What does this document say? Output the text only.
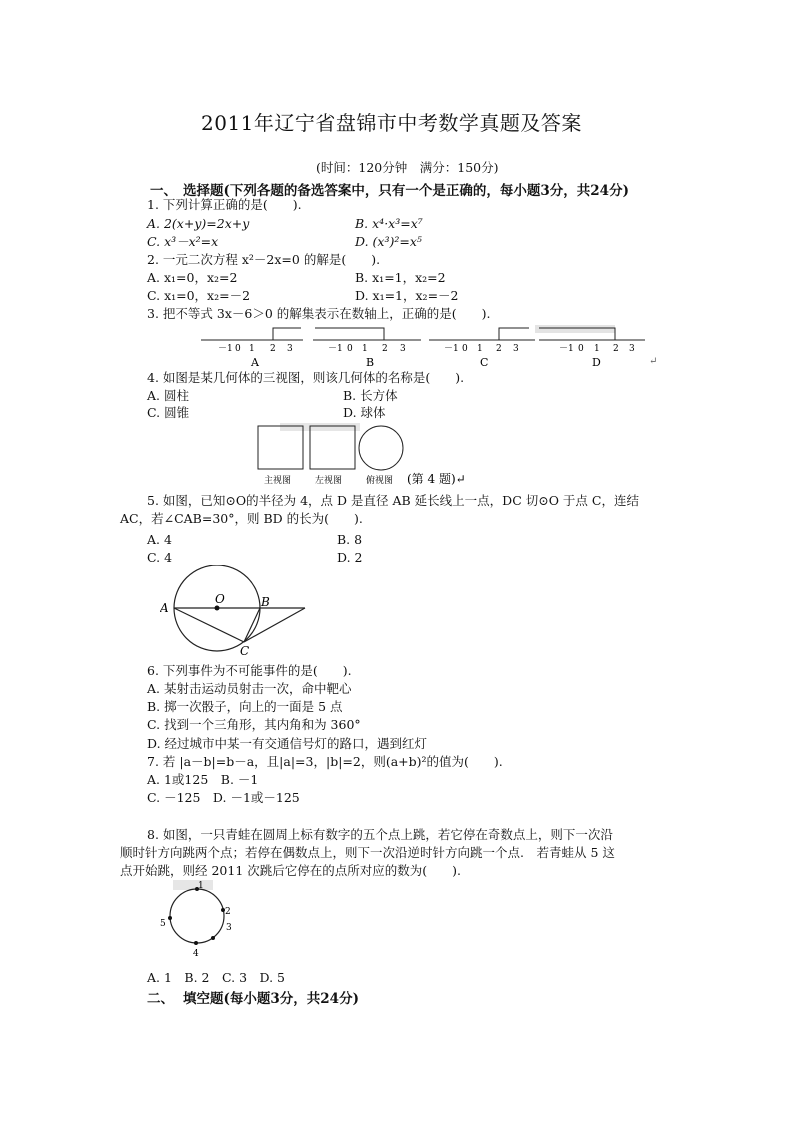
2011年辽宁省盘锦市中考数学真题及答案
(时间：120分钟　满分：150分)
一、 选择题(下列各题的备选答案中，只有一个是正确的，每小题3分，共24分)
1. 下列计算正确的是(　　).
A. 2(x+y)=2x+y	B. x⁴·x³=x⁷
C. x³－x²=x	D. (x³)²=x⁵
2. 一元二次方程 x²－2x=0 的解是(　　).
A. x₁=0，x₂=2	B. x₁=1，x₂=2
C. x₁=0，x₂=－2	D. x₁=1，x₂=－2
3. 把不等式 3x－6＞0 的解集表示在数轴上，正确的是(　　).
－1 0 1 2 3
A
－1 0 1 2 3
B
－1 0 1 2 3
C
－1 0 1 2 3
D	↵
4. 如图是某几何体的三视图，则该几何体的名称是(　　).
A. 圆柱	B. 长方体
C. 圆锥	D. 球体
主视图	左视图	俯视图 (第 4 题)↵
5. 如图，已知⊙O的半径为 4，点 D 是直径 AB 延长线上一点，DC 切⊙O 于点 C，连结
AC，若∠CAB=30°，则 BD 的长为(　　).
A. 4	B. 8
C. 4	D. 2
A
O	B
C
6. 下列事件为不可能事件的是(　　).
A. 某射击运动员射击一次，命中靶心
B. 掷一次骰子，向上的一面是 5 点
C. 找到一个三角形，其内角和为 360°
D. 经过城市中某一有交通信号灯的路口，遇到红灯
7. 若 |a－b|=b－a，且|a|=3，|b|=2，则(a+b)²的值为(　　).
A. 1或125　B. －1
C. －125　D. －1或－125
8. 如图，一只青蛙在圆周上标有数字的五个点上跳，若它停在奇数点上，则下一次沿
顺时针方向跳两个点；若停在偶数点上，则下一次沿逆时针方向跳一个点.　若青蛙从 5 这
点开始跳，则经 2011 次跳后它停在的点所对应的数为(　　).
1
2
3
4
5
A. 1　B. 2　C. 3　D. 5
二、 填空题(每小题3分，共24分)
